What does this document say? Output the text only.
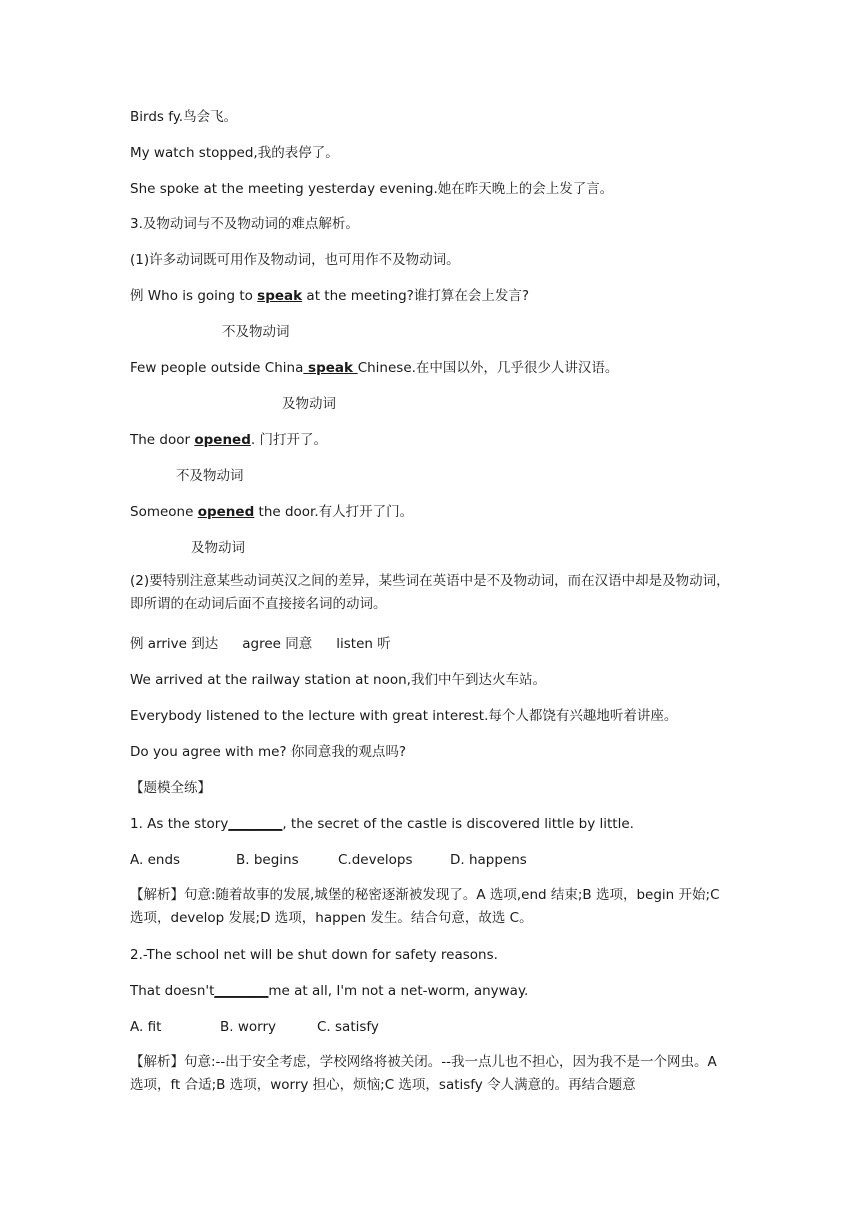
Birds fy.鸟会飞。
My watch stopped,我的表停了。
She spoke at the meeting yesterday evening.她在昨天晚上的会上发了言。
3.及物动词与不及物动词的难点解析。
(1)许多动词既可用作及物动词，也可用作不及物动词。
例 Who is going to speak at the meeting?谁打算在会上发言?
不及物动词
Few people outside China speak Chinese.在中国以外，几乎很少人讲汉语。
及物动词
The door opened. 门打开了。
不及物动词
Someone opened the door.有人打开了门。
及物动词
(2)要特别注意某些动词英汉之间的差异，某些词在英语中是不及物动词，而在汉语中却是及物动词，即所谓的在动词后面不直接接名词的动词。
例 arrive 到达 agree 同意 listen 听
We arrived at the railway station at noon,我们中午到达火车站。
Everybody listened to the lecture with great interest.每个人都饶有兴趣地听着讲座。
Do you agree with me? 你同意我的观点吗?
【题模全练】
1. As the story________, the secret of the castle is discovered little by little.
A. ends	B. begins	C.develops	D. happens
【解析】句意:随着故事的发展,城堡的秘密逐渐被发现了。A 选项,end 结束;B 选项，begin 开始;C 选项，develop 发展;D 选项，happen 发生。结合句意，故选 C。
2.-The school net will be shut down for safety reasons.
That doesn't________me at all, I'm not a net-worm, anyway.
A. fit	B. worry	C. satisfy
【解析】句意:--出于安全考虑，学校网络将被关闭。--我一点儿也不担心，因为我不是一个网虫。A 选项，ft 合适;B 选项，worry 担心，烦恼;C 选项，satisfy 令人满意的。再结合题意
